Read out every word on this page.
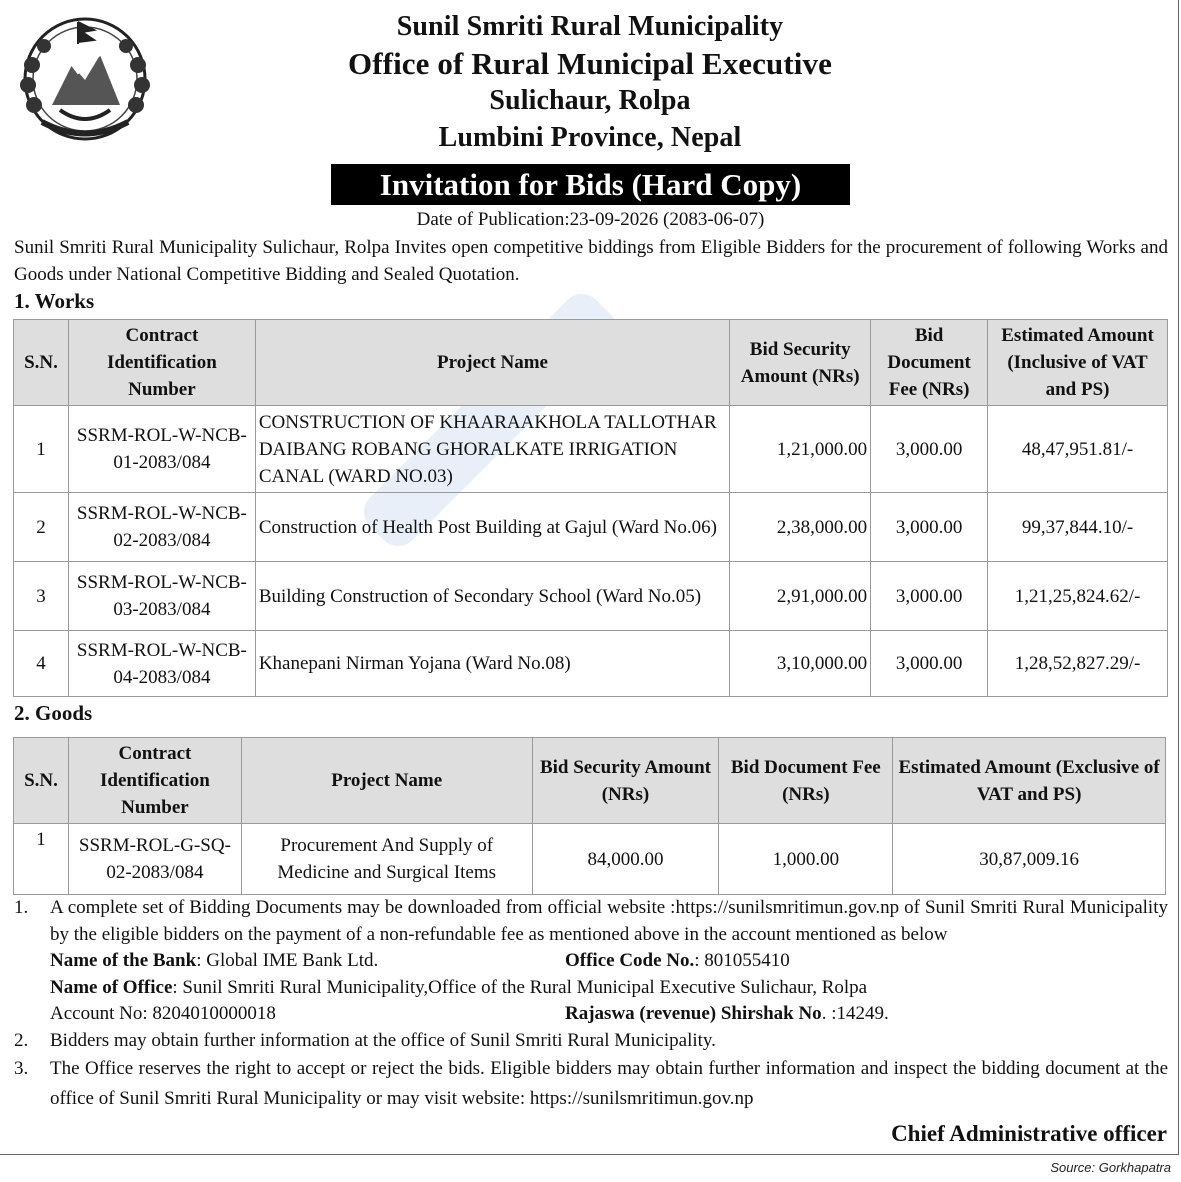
Sunil Smriti Rural Municipality
Office of Rural Municipal Executive
Sulichaur, Rolpa
Lumbini Province, Nepal
Invitation for Bids (Hard Copy)
Date of Publication:23-09-2026 (2083-06-07)
Sunil Smriti Rural Municipality Sulichaur, Rolpa Invites open competitive biddings from Eligible Bidders for the procurement of following Works and Goods under National Competitive Bidding and Sealed Quotation.
1. Works
S.N.	Contract Identification Number	Project Name	Bid Security Amount (NRs)	Bid Document Fee (NRs)	Estimated Amount (Inclusive of VAT and PS)
1	SSRM-ROL-W-NCB-01-2083/084	CONSTRUCTION OF KHAARAAKHOLA TALLOTHAR DAIBANG ROBANG GHORALKATE IRRIGATION CANAL (WARD NO.03)	1,21,000.00	3,000.00	48,47,951.81/-
2	SSRM-ROL-W-NCB-02-2083/084	Construction of Health Post Building at Gajul (Ward No.06)	2,38,000.00	3,000.00	99,37,844.10/-
3	SSRM-ROL-W-NCB-03-2083/084	Building Construction of Secondary School (Ward No.05)	2,91,000.00	3,000.00	1,21,25,824.62/-
4	SSRM-ROL-W-NCB-04-2083/084	Khanepani Nirman Yojana (Ward No.08)	3,10,000.00	3,000.00	1,28,52,827.29/-
2. Goods
S.N.	Contract Identification Number	Project Name	Bid Security Amount (NRs)	Bid Document Fee (NRs)	Estimated Amount (Exclusive of VAT and PS)
1	SSRM-ROL-G-SQ-02-2083/084	Procurement And Supply of Medicine and Surgical Items	84,000.00	1,000.00	30,87,009.16
1. A complete set of Bidding Documents may be downloaded from official website :https://sunilsmritimun.gov.np of Sunil Smriti Rural Municipality by the eligible bidders on the payment of a non-refundable fee as mentioned above in the account mentioned as below
Name of the Bank: Global IME Bank Ltd.	Office Code No.: 801055410
Name of Office: Sunil Smriti Rural Municipality,Office of the Rural Municipal Executive Sulichaur, Rolpa
Account No: 8204010000018	Rajaswa (revenue) Shirshak No. :14249.
2. Bidders may obtain further information at the office of Sunil Smriti Rural Municipality.
3. The Office reserves the right to accept or reject the bids. Eligible bidders may obtain further information and inspect the bidding document at the office of Sunil Smriti Rural Municipality or may visit website: https://sunilsmritimun.gov.np
Chief Administrative officer
Source: Gorkhapatra
